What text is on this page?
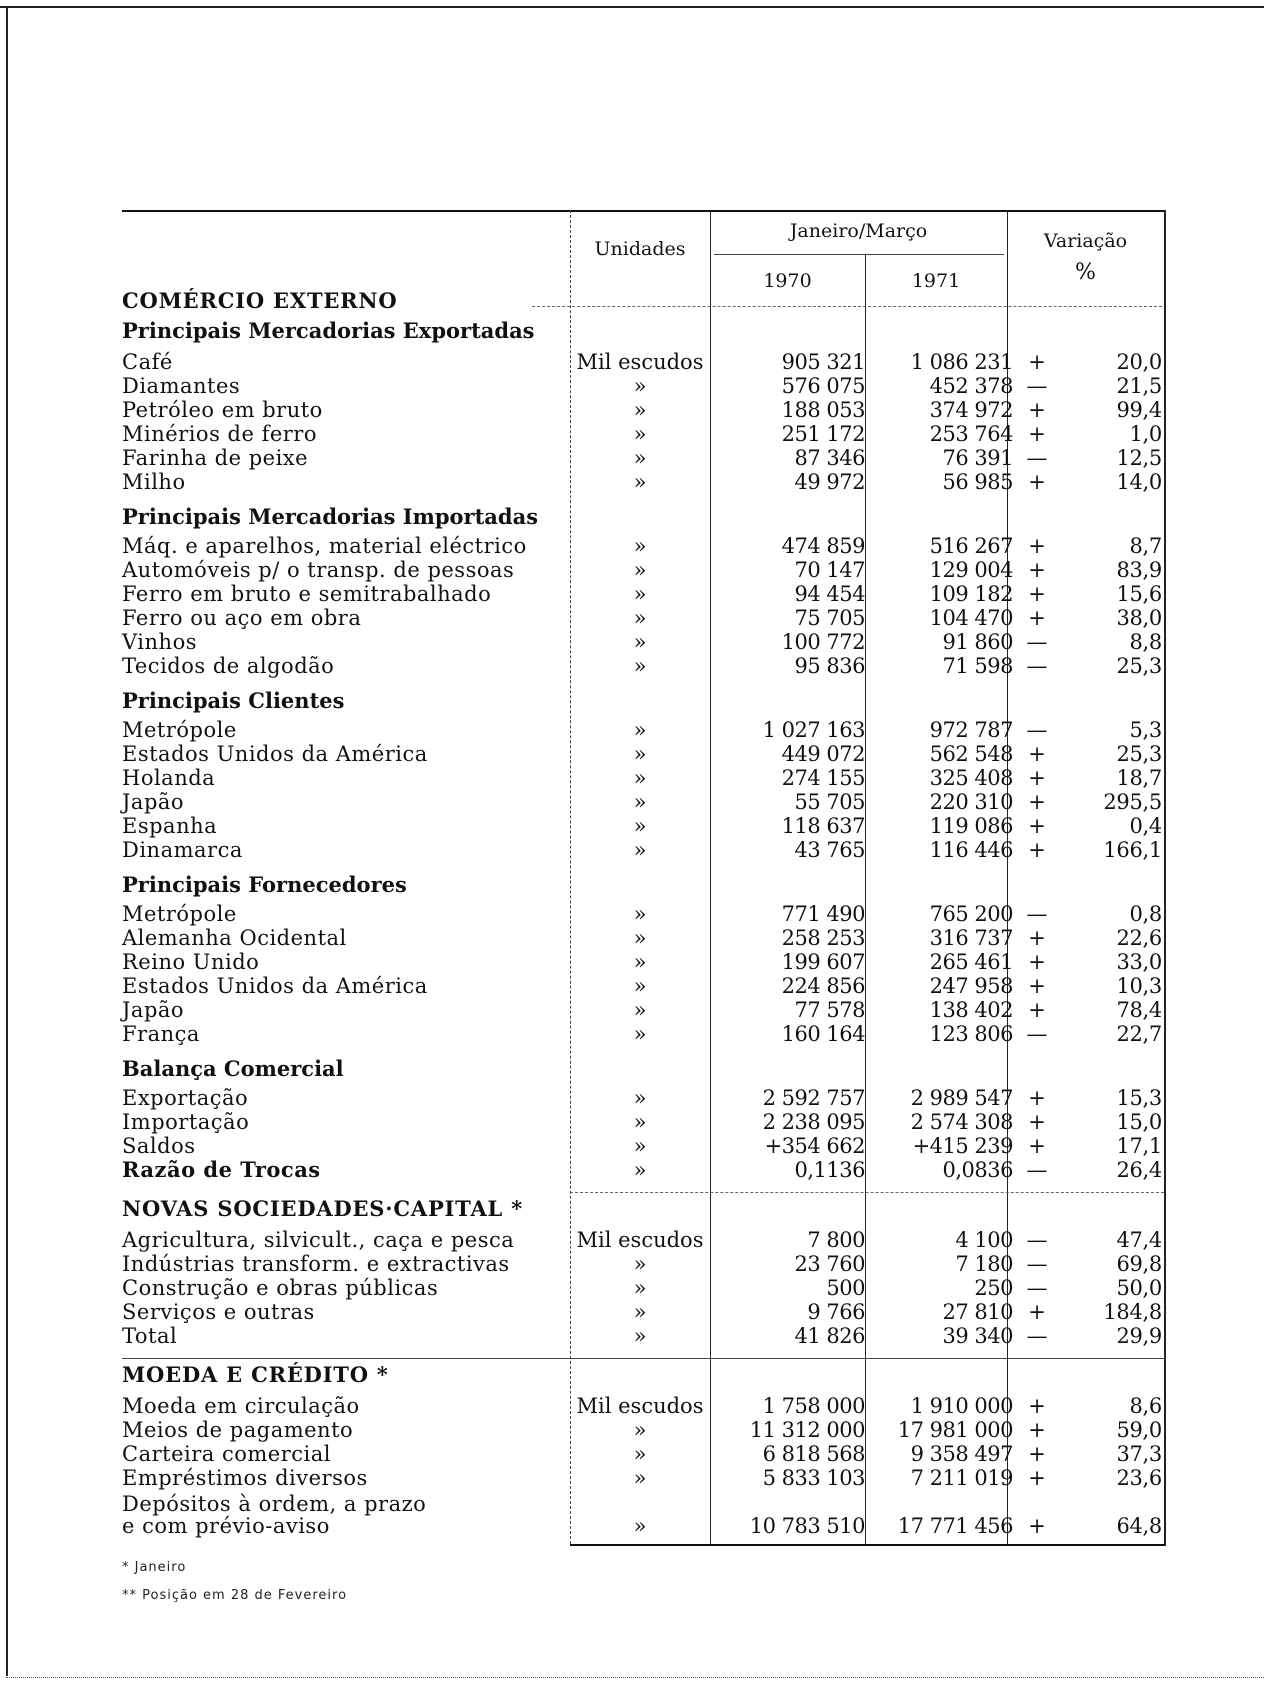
Unidades
Janeiro/Março
1970	1971
Variação
%
COMÉRCIO EXTERNO
Principais Mercadorias Exportadas
Café	Mil escudos	905 321	1 086 231 +	20,0
Diamantes	»	576 075	452 378 —	21,5
Petróleo em bruto	»	188 053	374 972 +	99,4
Minérios de ferro	»	251 172	253 764 +	1,0
Farinha de peixe	»	87 346	76 391 —	12,5
Milho	»	49 972	56 985 +	14,0
Principais Mercadorias Importadas
Máq. e aparelhos, material eléctrico	»	474 859	516 267 +	8,7
Automóveis p/ o transp. de pessoas	»	70 147	129 004 +	83,9
Ferro em bruto e semitrabalhado	»	94 454	109 182 +	15,6
Ferro ou aço em obra	»	75 705	104 470 +	38,0
Vinhos	»	100 772	91 860 —	8,8
Tecidos de algodão	»	95 836	71 598 —	25,3
Principais Clientes
Metrópole	»	1 027 163	972 787 —	5,3
Estados Unidos da América	»	449 072	562 548 +	25,3
Holanda	»	274 155	325 408 +	18,7
Japão	»	55 705	220 310 +	295,5
Espanha	»	118 637	119 086 +	0,4
Dinamarca	»	43 765	116 446 +	166,1
Principais Fornecedores
Metrópole	»	771 490	765 200 —	0,8
Alemanha Ocidental	»	258 253	316 737 +	22,6
Reino Unido	»	199 607	265 461 +	33,0
Estados Unidos da América	»	224 856	247 958 +	10,3
Japão	»	77 578	138 402 +	78,4
França	»	160 164	123 806 —	22,7
Balança Comercial
Exportação	»	2 592 757	2 989 547 +	15,3
Importação	»	2 238 095	2 574 308 +	15,0
Saldos	»	+354 662	+415 239 +	17,1
Razão de Trocas	»	0,1136	0,0836 —	26,4
NOVAS SOCIEDADES·CAPITAL *
Agricultura, silvicult., caça e pesca	Mil escudos	7 800	4 100 —	47,4
Indústrias transform. e extractivas	»	23 760	7 180 —	69,8
Construção e obras públicas	»	500	250 —	50,0
Serviços e outras	»	9 766	27 810 +	184,8
Total	»	41 826	39 340 —	29,9
MOEDA E CRÉDITO *
Moeda em circulação	Mil escudos	1 758 000	1 910 000 +	8,6
Meios de pagamento	»	11 312 000	17 981 000 +	59,0
Carteira comercial	»	6 818 568	9 358 497 +	37,3
Empréstimos diversos	»	5 833 103	7 211 019 +	23,6
Depósitos à ordem, a prazo
e com prévio-aviso	»	10 783 510	17 771 456 +	64,8
* Janeiro
** Posição em 28 de Fevereiro
